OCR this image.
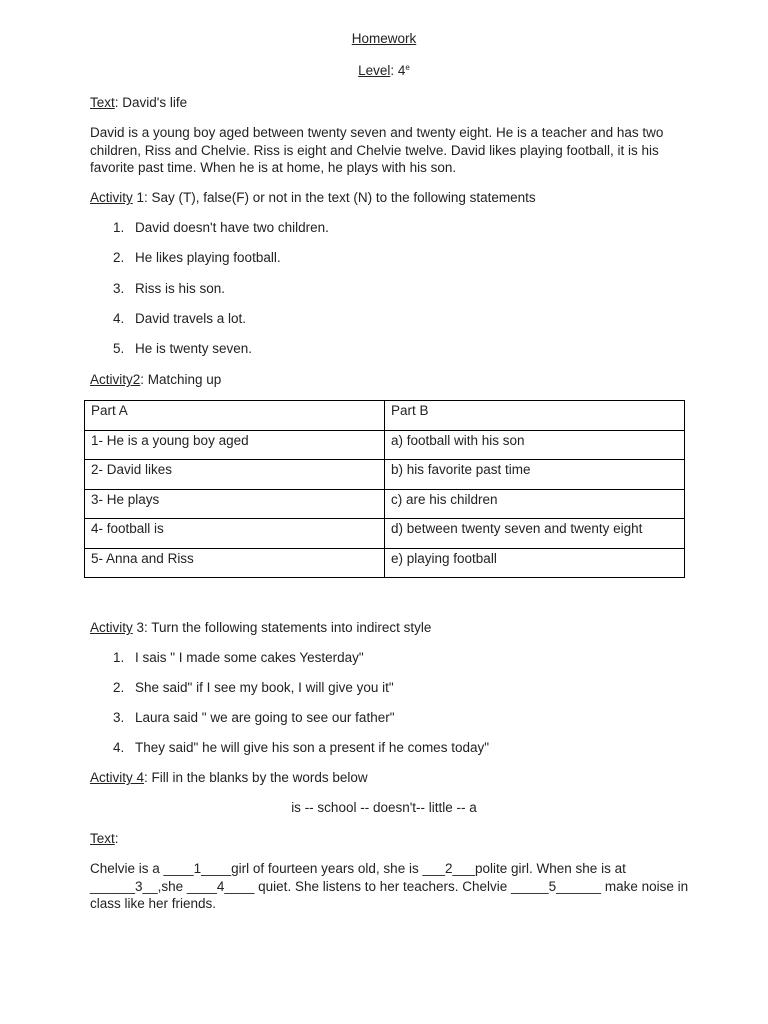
Homework
Level: 4e
Text: David's life
David is a young boy aged between twenty seven and twenty eight. He is a teacher and has two
children, Riss and Chelvie. Riss is eight and Chelvie twelve. David likes playing football, it is his
favorite past time. When he is at home, he plays with his son.
Activity 1: Say (T), false(F) or not in the text (N) to the following statements
1. David doesn't have two children.
2. He likes playing football.
3. Riss is his son.
4. David travels a lot.
5. He is twenty seven.
Activity2: Matching up
Part A	Part B
1- He is a young boy aged	a) football with his son
2- David likes	b) his favorite past time
3- He plays	c) are his children
4- football is	d) between twenty seven and twenty eight
5- Anna and Riss	e) playing football
Activity 3: Turn the following statements into indirect style
1. I sais " I made some cakes Yesterday"
2. She said" if I see my book, I will give you it"
3. Laura said " we are going to see our father"
4. They said" he will give his son a present if he comes today"
Activity 4: Fill in the blanks by the words below
is -- school -- doesn't-- little -- a
Text:
Chelvie is a ____1____girl of fourteen years old, she is ___2___polite girl. When she is at
______3__,she ____4____ quiet. She listens to her teachers. Chelvie _____5______ make noise in
class like her friends.
